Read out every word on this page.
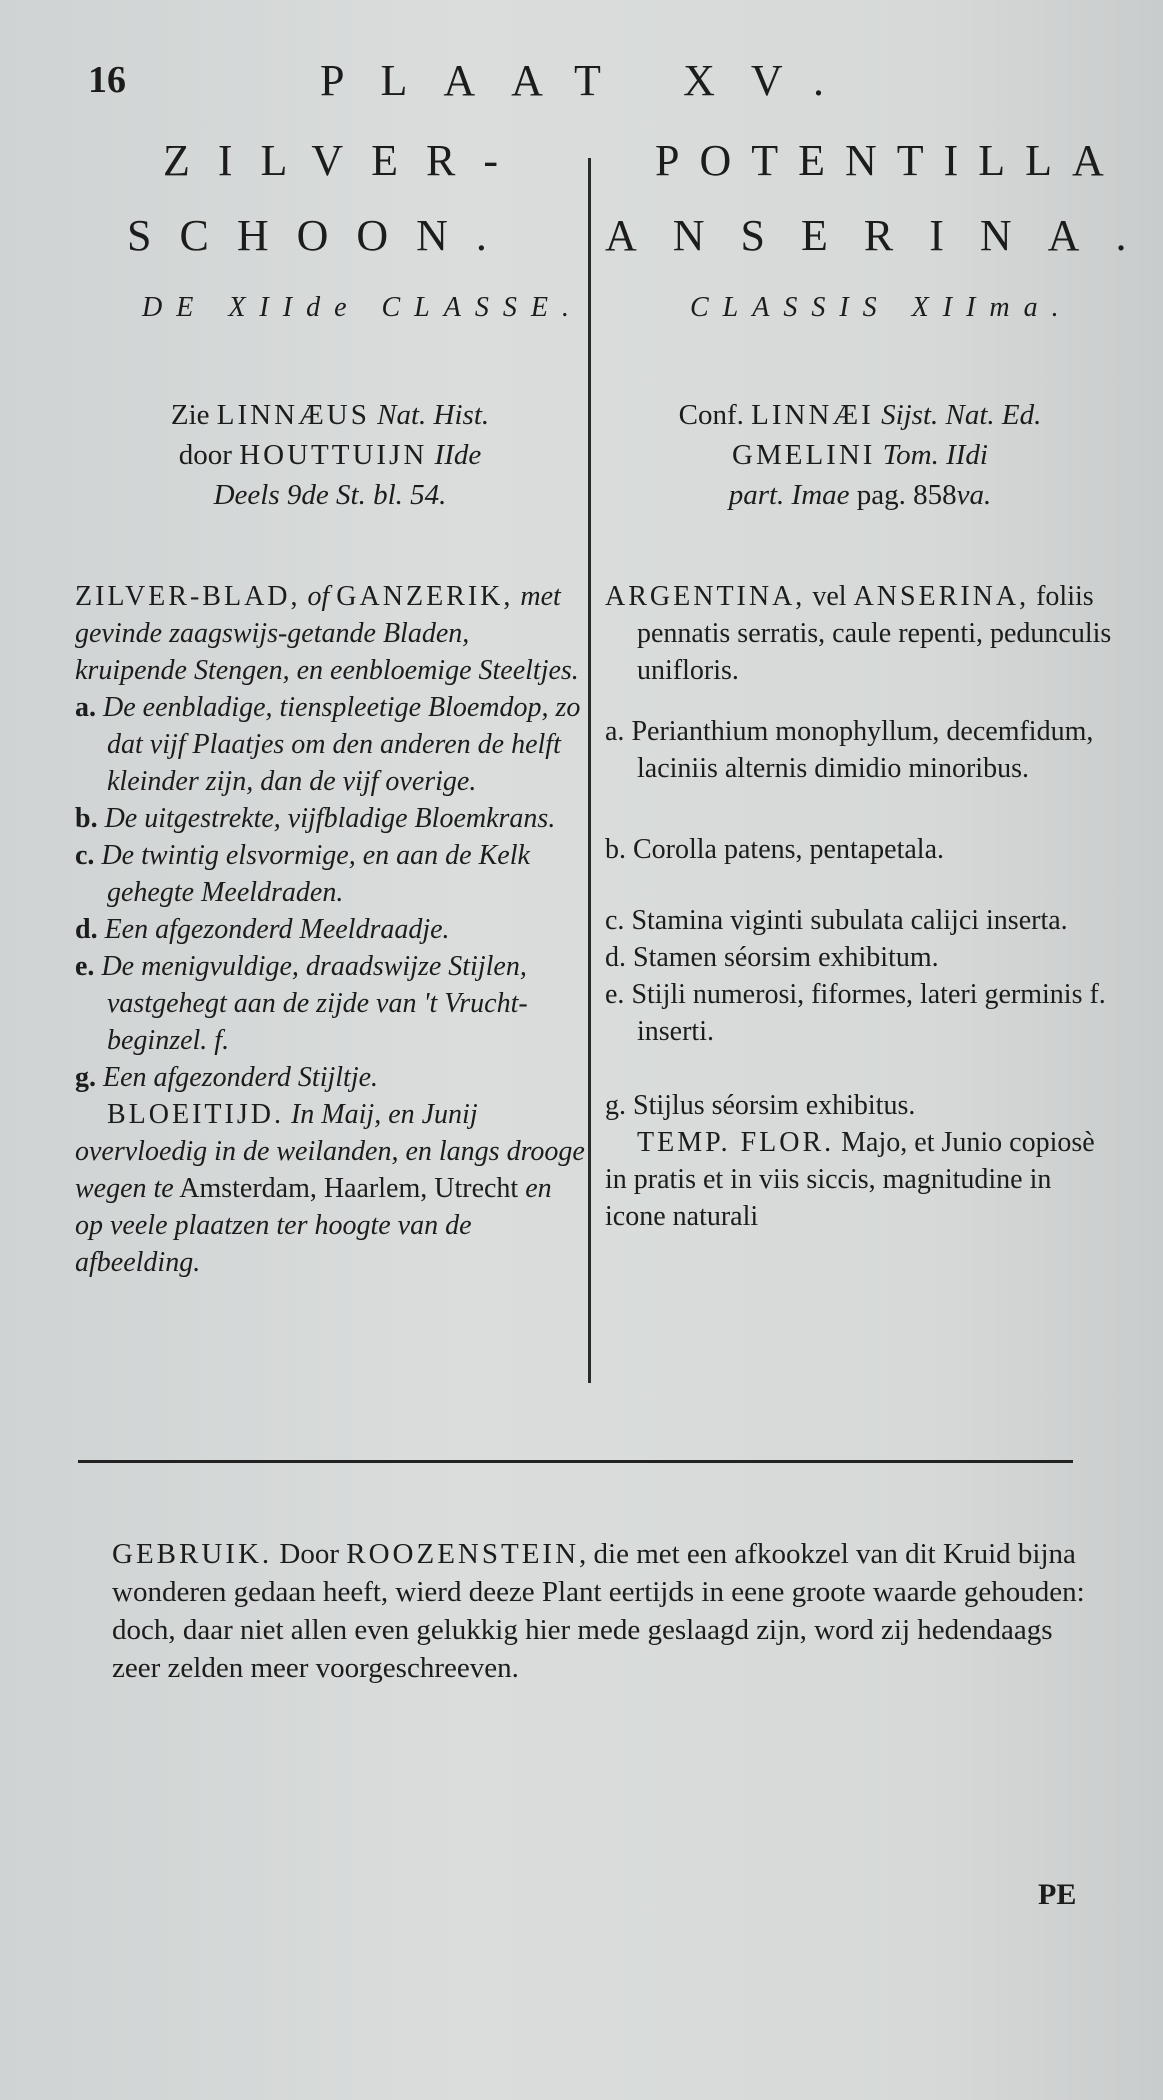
16	PLAAT XV.
ZILVER-
SCHOON.
DE XIIde CLASSE.
Zie LINNÆUS Nat. Hist.
door HOUTTUIJN IIde
Deels 9de St. bl. 54.

ZILVER-BLAD, of GANZERIK, met gevinde zaagswijs-getande Bladen, kruipende Stengen, en eenbloemige Steeltjes.

a. De eenbladige, tienspleetige Bloemdop, zo dat vijf Plaatjes om den anderen de helft kleinder zijn, dan de vijf overige.

b. De uitgestrekte, vijfbladige Bloemkrans.

c. De twintig elsvormige, en aan de Kelk gehegte Meeldraden.

d. Een afgezonderd Meeldraadje.

e. De menigvuldige, draadswijze Stijlen, vastgehegt aan de zijde van 't Vrucht-beginzel. f.

g. Een afgezonderd Stijltje.

BLOEITIJD. In Maij, en Junij overvloedig in de weilanden, en langs drooge wegen te Amsterdam, Haarlem, Utrecht en op veele plaatzen ter hoogte van de afbeelding.

POTENTILLA
ANSERINA.
CLASSIS XIIma.
Conf. LINNÆI Sijst. Nat. Ed.
GMELINI Tom. IIdi
part. Imae pag. 858va.

ARGENTINA, vel ANSERINA, foliis pennatis serratis, caule repenti, pedunculis unifloris.

a. Perianthium monophyllum, decemfidum, laciniis alternis dimidio minoribus.

b. Corolla patens, pentapetala.

c. Stamina viginti subulata calijci inserta.

d. Stamen séorsim exhibitum.

e. Stijli numerosi, fiformes, lateri germinis f. inserti.

g. Stijlus séorsim exhibitus.

TEMP. FLOR. Majo, et Junio copiosè in pratis et in viis siccis, magnitudine in icone naturali

GEBRUIK. Door ROOZENSTEIN, die met een afkookzel van dit Kruid bijna wonderen gedaan heeft, wierd deeze Plant eertijds in eene groote waarde gehouden: doch, daar niet allen even gelukkig hier mede geslaagd zijn, word zij hedendaags zeer zelden meer voorgeschreeven.
PE
